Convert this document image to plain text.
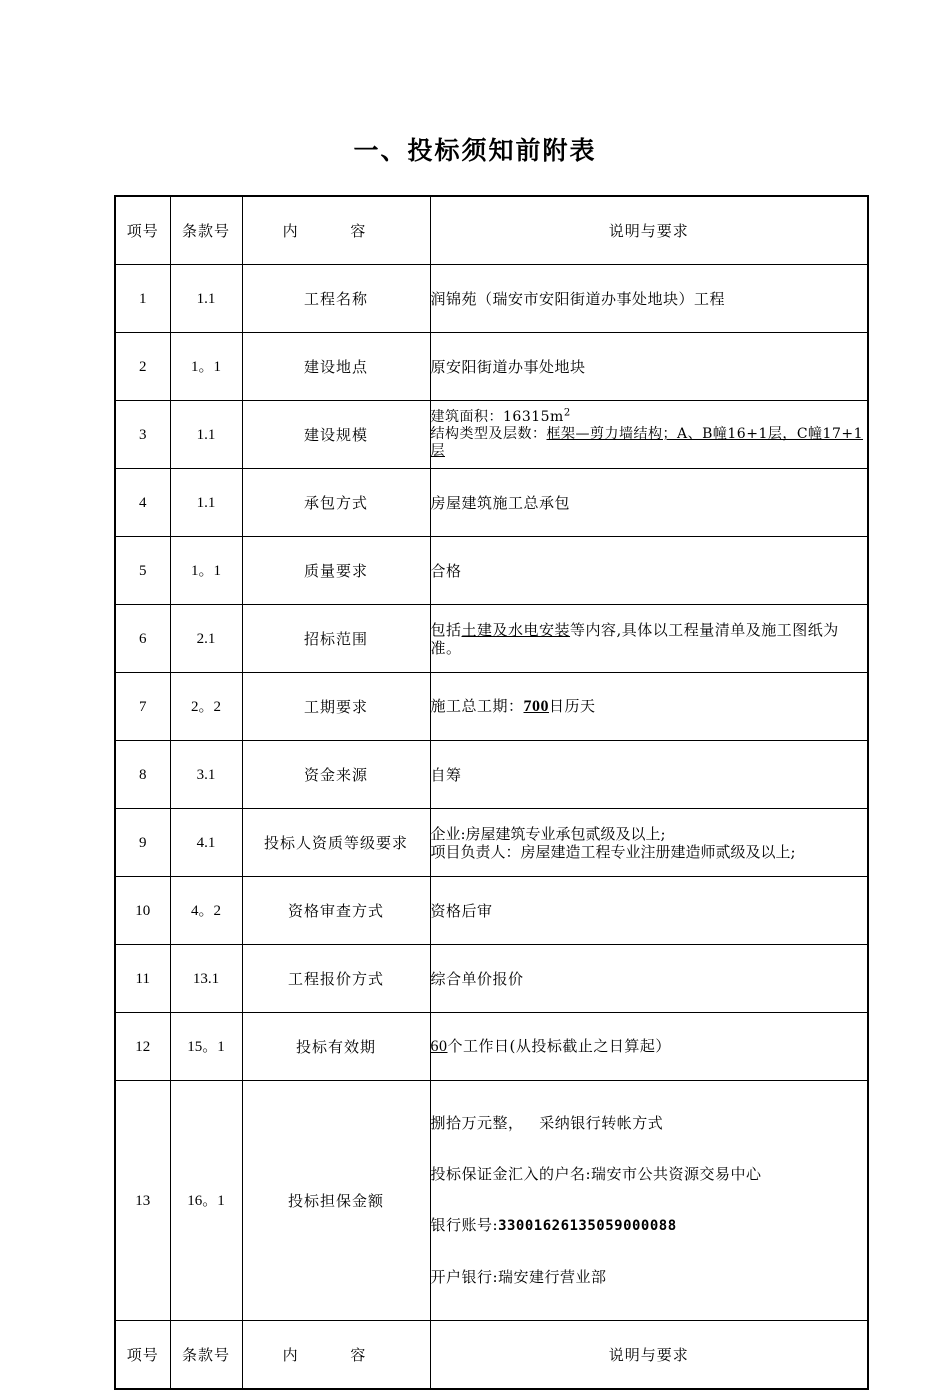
一、投标须知前附表
项号	条款号	内 容	说明与要求
1	1.1	工程名称	润锦苑（瑞安市安阳街道办事处地块）工程
2	1。1	建设地点	原安阳街道办事处地块
3	1.1	建设规模	建筑面积：$16315m^2$
结构类型及层数：框架—剪力墙结构；A、B幢16+1层，C幢17+1层
4	1.1	承包方式	房屋建筑施工总承包
5	1。1	质量要求	合格
6	2.1	招标范围	包括土建及水电安装等内容,具体以工程量清单及施工图纸为准。
7	2。2	工期要求	施工总工期：700日历天
8	3.1	资金来源	自筹
9	4.1	投标人资质等级要求	企业:房屋建筑专业承包贰级及以上;
项目负责人：房屋建造工程专业注册建造师贰级及以上;

10	4。2	资格审查方式	资格后审
11	13.1	工程报价方式	综合单价报价
12	15。1	投标有效期	60个工作日(从投标截止之日算起）
13	16。1	投标担保金额	捌拾万元整，   采纳银行转帐方式

投标保证金汇入的户名:瑞安市公共资源交易中心

银行账号:33001626135059000088

开户银行:瑞安建行营业部

项号	条款号	内 容	说明与要求
